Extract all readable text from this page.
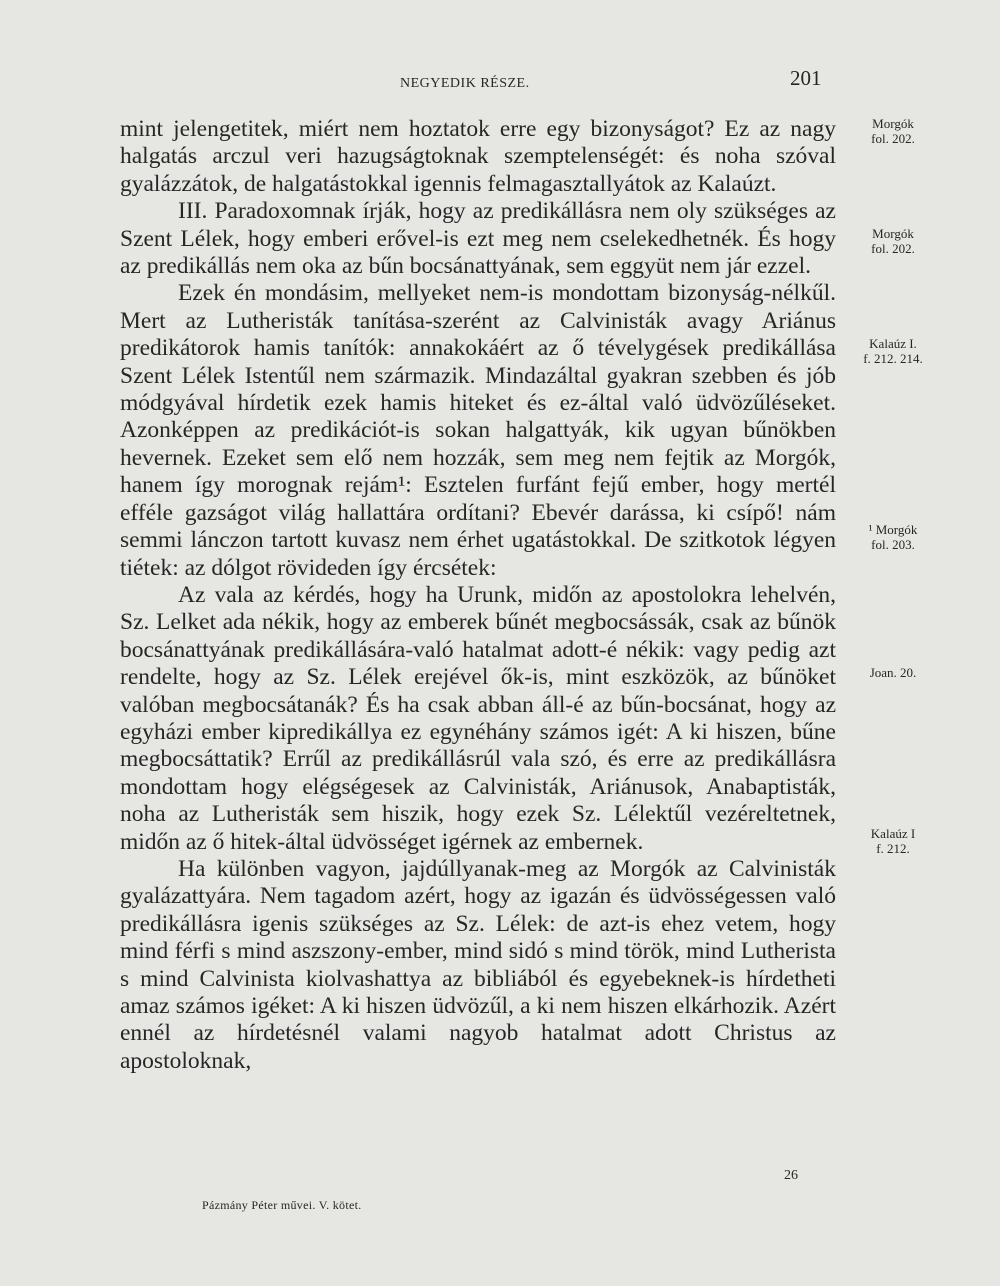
NEGYEDIK RÉSZE.	201

mint jelengetitek, miért nem hoztatok erre egy bizonyságot? Ez az nagy halgatás arczul veri hazugságtoknak szemptelenségét: és noha szóval gyalázzátok, de halgatástokkal igennis felmagasztallyátok az Kalaúzt.

III. Paradoxomnak írják, hogy az predikállásra nem oly szükséges az Szent Lélek, hogy emberi erővel-is ezt meg nem cselekedhetnék. És hogy az predikállás nem oka az bűn bocsánattyának, sem eggyüt nem jár ezzel.

Ezek én mondásim, mellyeket nem-is mondottam bizonyság-nélkűl. Mert az Lutheristák tanítása-szerént az Calvinisták avagy Ariánus predikátorok hamis tanítók: annakokáért az ő tévelygések predikállása Szent Lélek Istentűl nem származik. Mindazáltal gyakran szebben és jób módgyával hírdetik ezek hamis hiteket és ez-által való üdvözűléseket. Azonképpen az predikációt-is sokan halgattyák, kik ugyan bűnökben hevernek. Ezeket sem elő nem hozzák, sem meg nem fejtik az Morgók, hanem így morognak rejám¹: Esztelen furfánt fejű ember, hogy mertél efféle gazságot világ hallattára ordítani? Ebevér darássa, ki csípő! nám semmi lánczon tartott kuvasz nem érhet ugatástokkal. De szitkotok légyen tiétek: az dólgot rövideden így ércsétek:

Az vala az kérdés, hogy ha Urunk, midőn az apostolokra lehelvén, Sz. Lelket ada nékik, hogy az emberek bűnét megbocsássák, csak az bűnök bocsánattyának predikállására-való hatalmat adott-é nékik: vagy pedig azt rendelte, hogy az Sz. Lélek erejével ők-is, mint eszközök, az bűnöket valóban megbocsátanák? És ha csak abban áll-é az bűn-bocsánat, hogy az egyházi ember kipredikállya ez egynéhány számos igét: A ki hiszen, bűne megbocsáttatik? Errűl az predikállásrúl vala szó, és erre az predikállásra mondottam hogy elégségesek az Calvinisták, Ariánusok, Anabaptisták, noha az Lutheristák sem hiszik, hogy ezek Sz. Lélektűl vezéreltetnek, midőn az ő hitek-által üdvösséget igérnek az embernek.

Ha különben vagyon, jajdúllyanak-meg az Morgók az Calvinisták gyalázattyára. Nem tagadom azért, hogy az igazán és üdvösségessen való predikállásra igenis szükséges az Sz. Lélek: de azt-is ehez vetem, hogy mind férfi s mind aszszony-ember, mind sidó s mind török, mind Lutherista s mind Calvinista kiolvashattya az bibliából és egyebeknek-is hírdetheti amaz számos igéket: A ki hiszen üdvözűl, a ki nem hiszen elkárhozik. Azért ennél az hírdetésnél valami nagyob hatalmat adott Christus az apostoloknak,

Morgók
fol. 202.
Morgók
fol. 202.
Kalaúz I.
f. 212. 214.
¹ Morgók
fol. 203.
Joan. 20.
Kalaúz I
f. 212.
26
Pázmány Péter művei. V. kötet.
